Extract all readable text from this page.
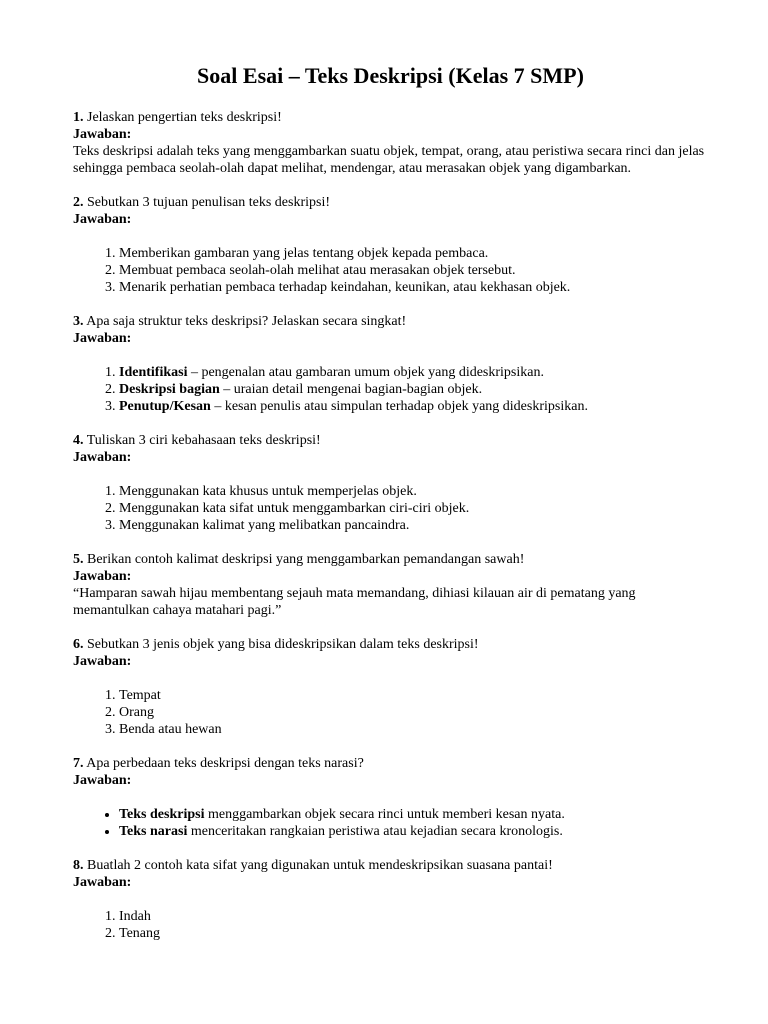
Soal Esai – Teks Deskripsi (Kelas 7 SMP)
1. Jelaskan pengertian teks deskripsi!
Jawaban:

Teks deskripsi adalah teks yang menggambarkan suatu objek, tempat, orang, atau peristiwa secara rinci dan jelas sehingga pembaca seolah-olah dapat melihat, mendengar, atau merasakan objek yang digambarkan.

2. Sebutkan 3 tujuan penulisan teks deskripsi!
Jawaban:
1. Memberikan gambaran yang jelas tentang objek kepada pembaca.
2. Membuat pembaca seolah-olah melihat atau merasakan objek tersebut.
3. Menarik perhatian pembaca terhadap keindahan, keunikan, atau kekhasan objek.
3. Apa saja struktur teks deskripsi? Jelaskan secara singkat!
Jawaban:
1. Identifikasi – pengenalan atau gambaran umum objek yang dideskripsikan.
2. Deskripsi bagian – uraian detail mengenai bagian-bagian objek.
3. Penutup/Kesan – kesan penulis atau simpulan terhadap objek yang dideskripsikan.
4. Tuliskan 3 ciri kebahasaan teks deskripsi!
Jawaban:
1. Menggunakan kata khusus untuk memperjelas objek.
2. Menggunakan kata sifat untuk menggambarkan ciri-ciri objek.
3. Menggunakan kalimat yang melibatkan pancaindra.
5. Berikan contoh kalimat deskripsi yang menggambarkan pemandangan sawah!
Jawaban:

“Hamparan sawah hijau membentang sejauh mata memandang, dihiasi kilauan air di pematang yang memantulkan cahaya matahari pagi.”

6. Sebutkan 3 jenis objek yang bisa dideskripsikan dalam teks deskripsi!
Jawaban:
1. Tempat
2. Orang
3. Benda atau hewan
7. Apa perbedaan teks deskripsi dengan teks narasi?
Jawaban:
• Teks deskripsi menggambarkan objek secara rinci untuk memberi kesan nyata.
• Teks narasi menceritakan rangkaian peristiwa atau kejadian secara kronologis.
8. Buatlah 2 contoh kata sifat yang digunakan untuk mendeskripsikan suasana pantai!
Jawaban:
1. Indah
2. Tenang
